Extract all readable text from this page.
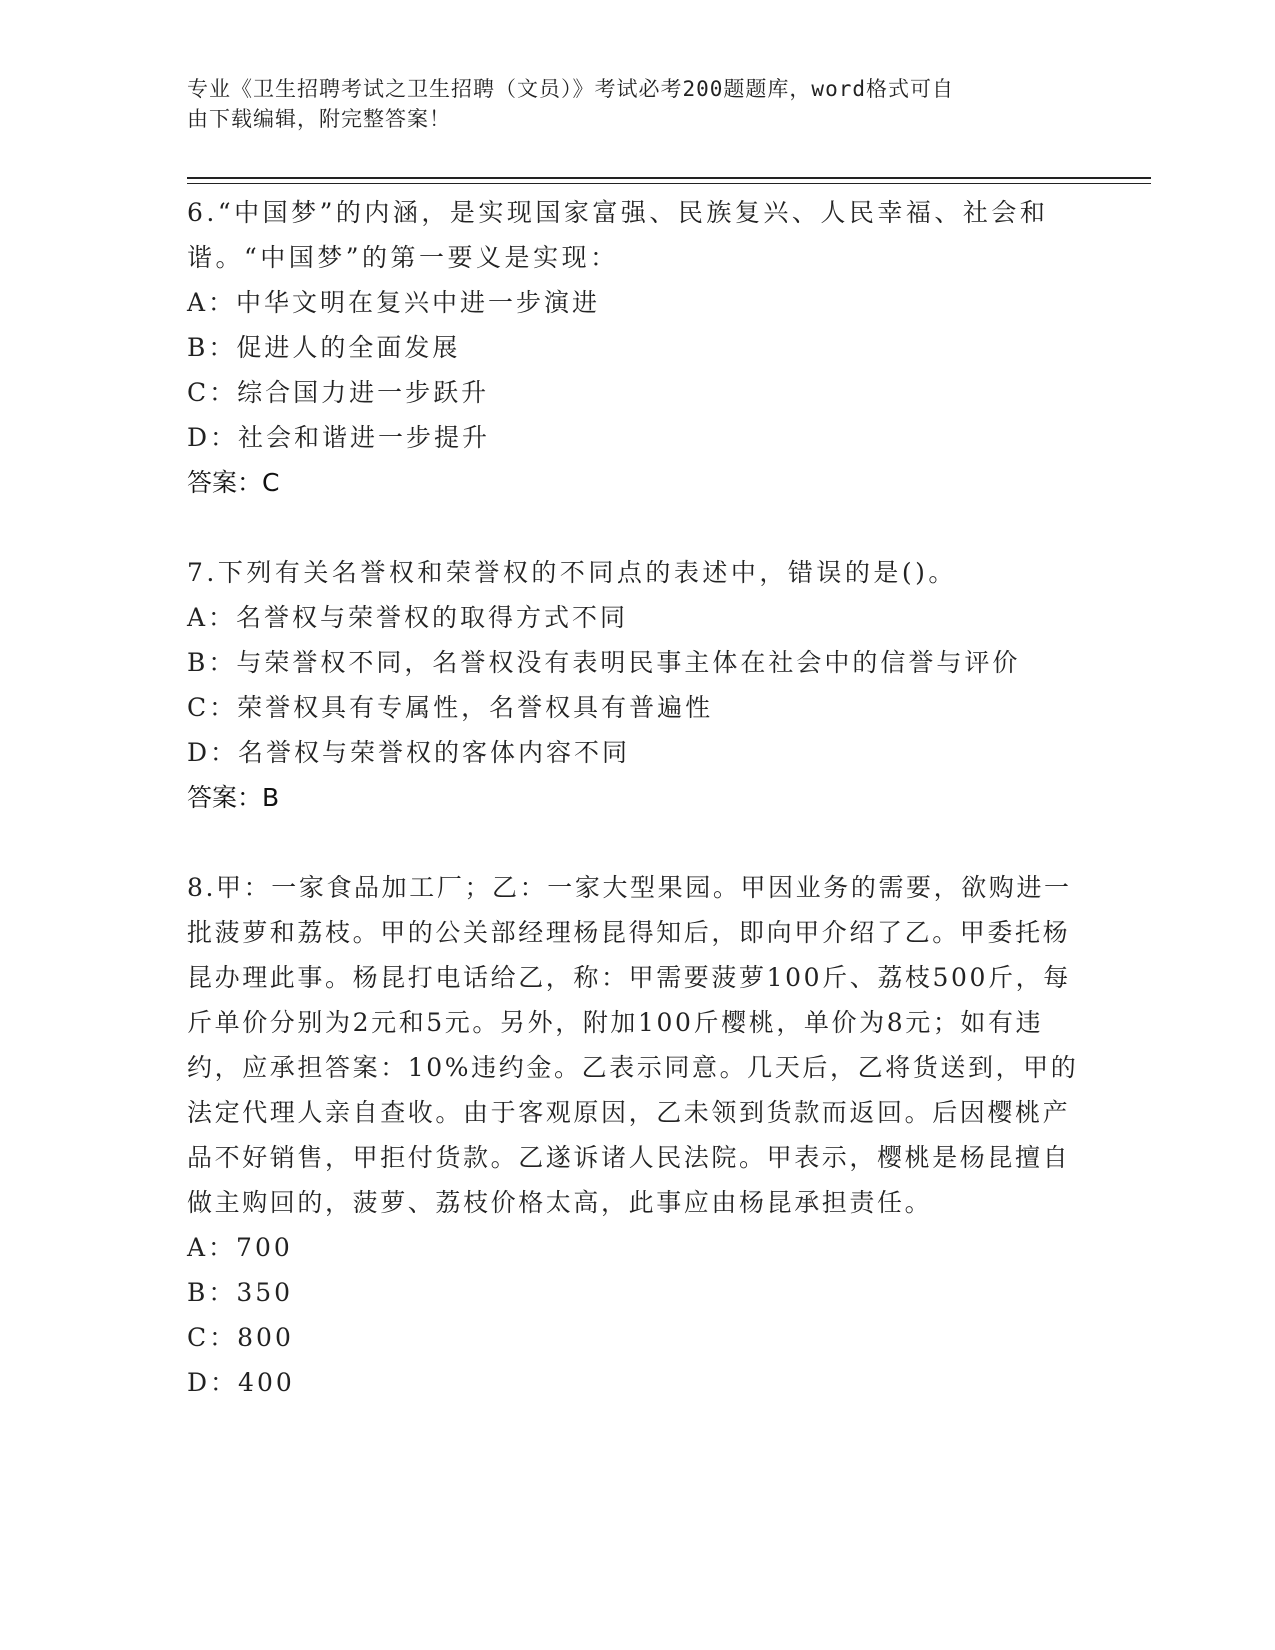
专业《卫生招聘考试之卫生招聘（文员）》考试必考200题题库，word格式可自
由下载编辑，附完整答案！

6.“中国梦”的内涵，是实现国家富强、民族复兴、人民幸福、社会和谐。“中国梦”的第一要义是实现：

A：中华文明在复兴中进一步演进

B：促进人的全面发展

C：综合国力进一步跃升

D：社会和谐进一步提升

答案：C

7.下列有关名誉权和荣誉权的不同点的表述中，错误的是()。

A：名誉权与荣誉权的取得方式不同

B：与荣誉权不同，名誉权没有表明民事主体在社会中的信誉与评价

C：荣誉权具有专属性，名誉权具有普遍性

D：名誉权与荣誉权的客体内容不同

答案：B

8.甲：一家食品加工厂；乙：一家大型果园。甲因业务的需要，欲购进一批菠萝和荔枝。甲的公关部经理杨昆得知后，即向甲介绍了乙。甲委托杨昆办理此事。杨昆打电话给乙，称：甲需要菠萝100斤、荔枝500斤，每斤单价分别为2元和5元。另外，附加100斤樱桃，单价为8元；如有违约，应承担答案：10%违约金。乙表示同意。几天后，乙将货送到，甲的法定代理人亲自查收。由于客观原因，乙未领到货款而返回。后因樱桃产品不好销售，甲拒付货款。乙遂诉诸人民法院。甲表示，樱桃是杨昆擅自做主购回的，菠萝、荔枝价格太高，此事应由杨昆承担责任。

A：700

B：350

C：800

D：400
